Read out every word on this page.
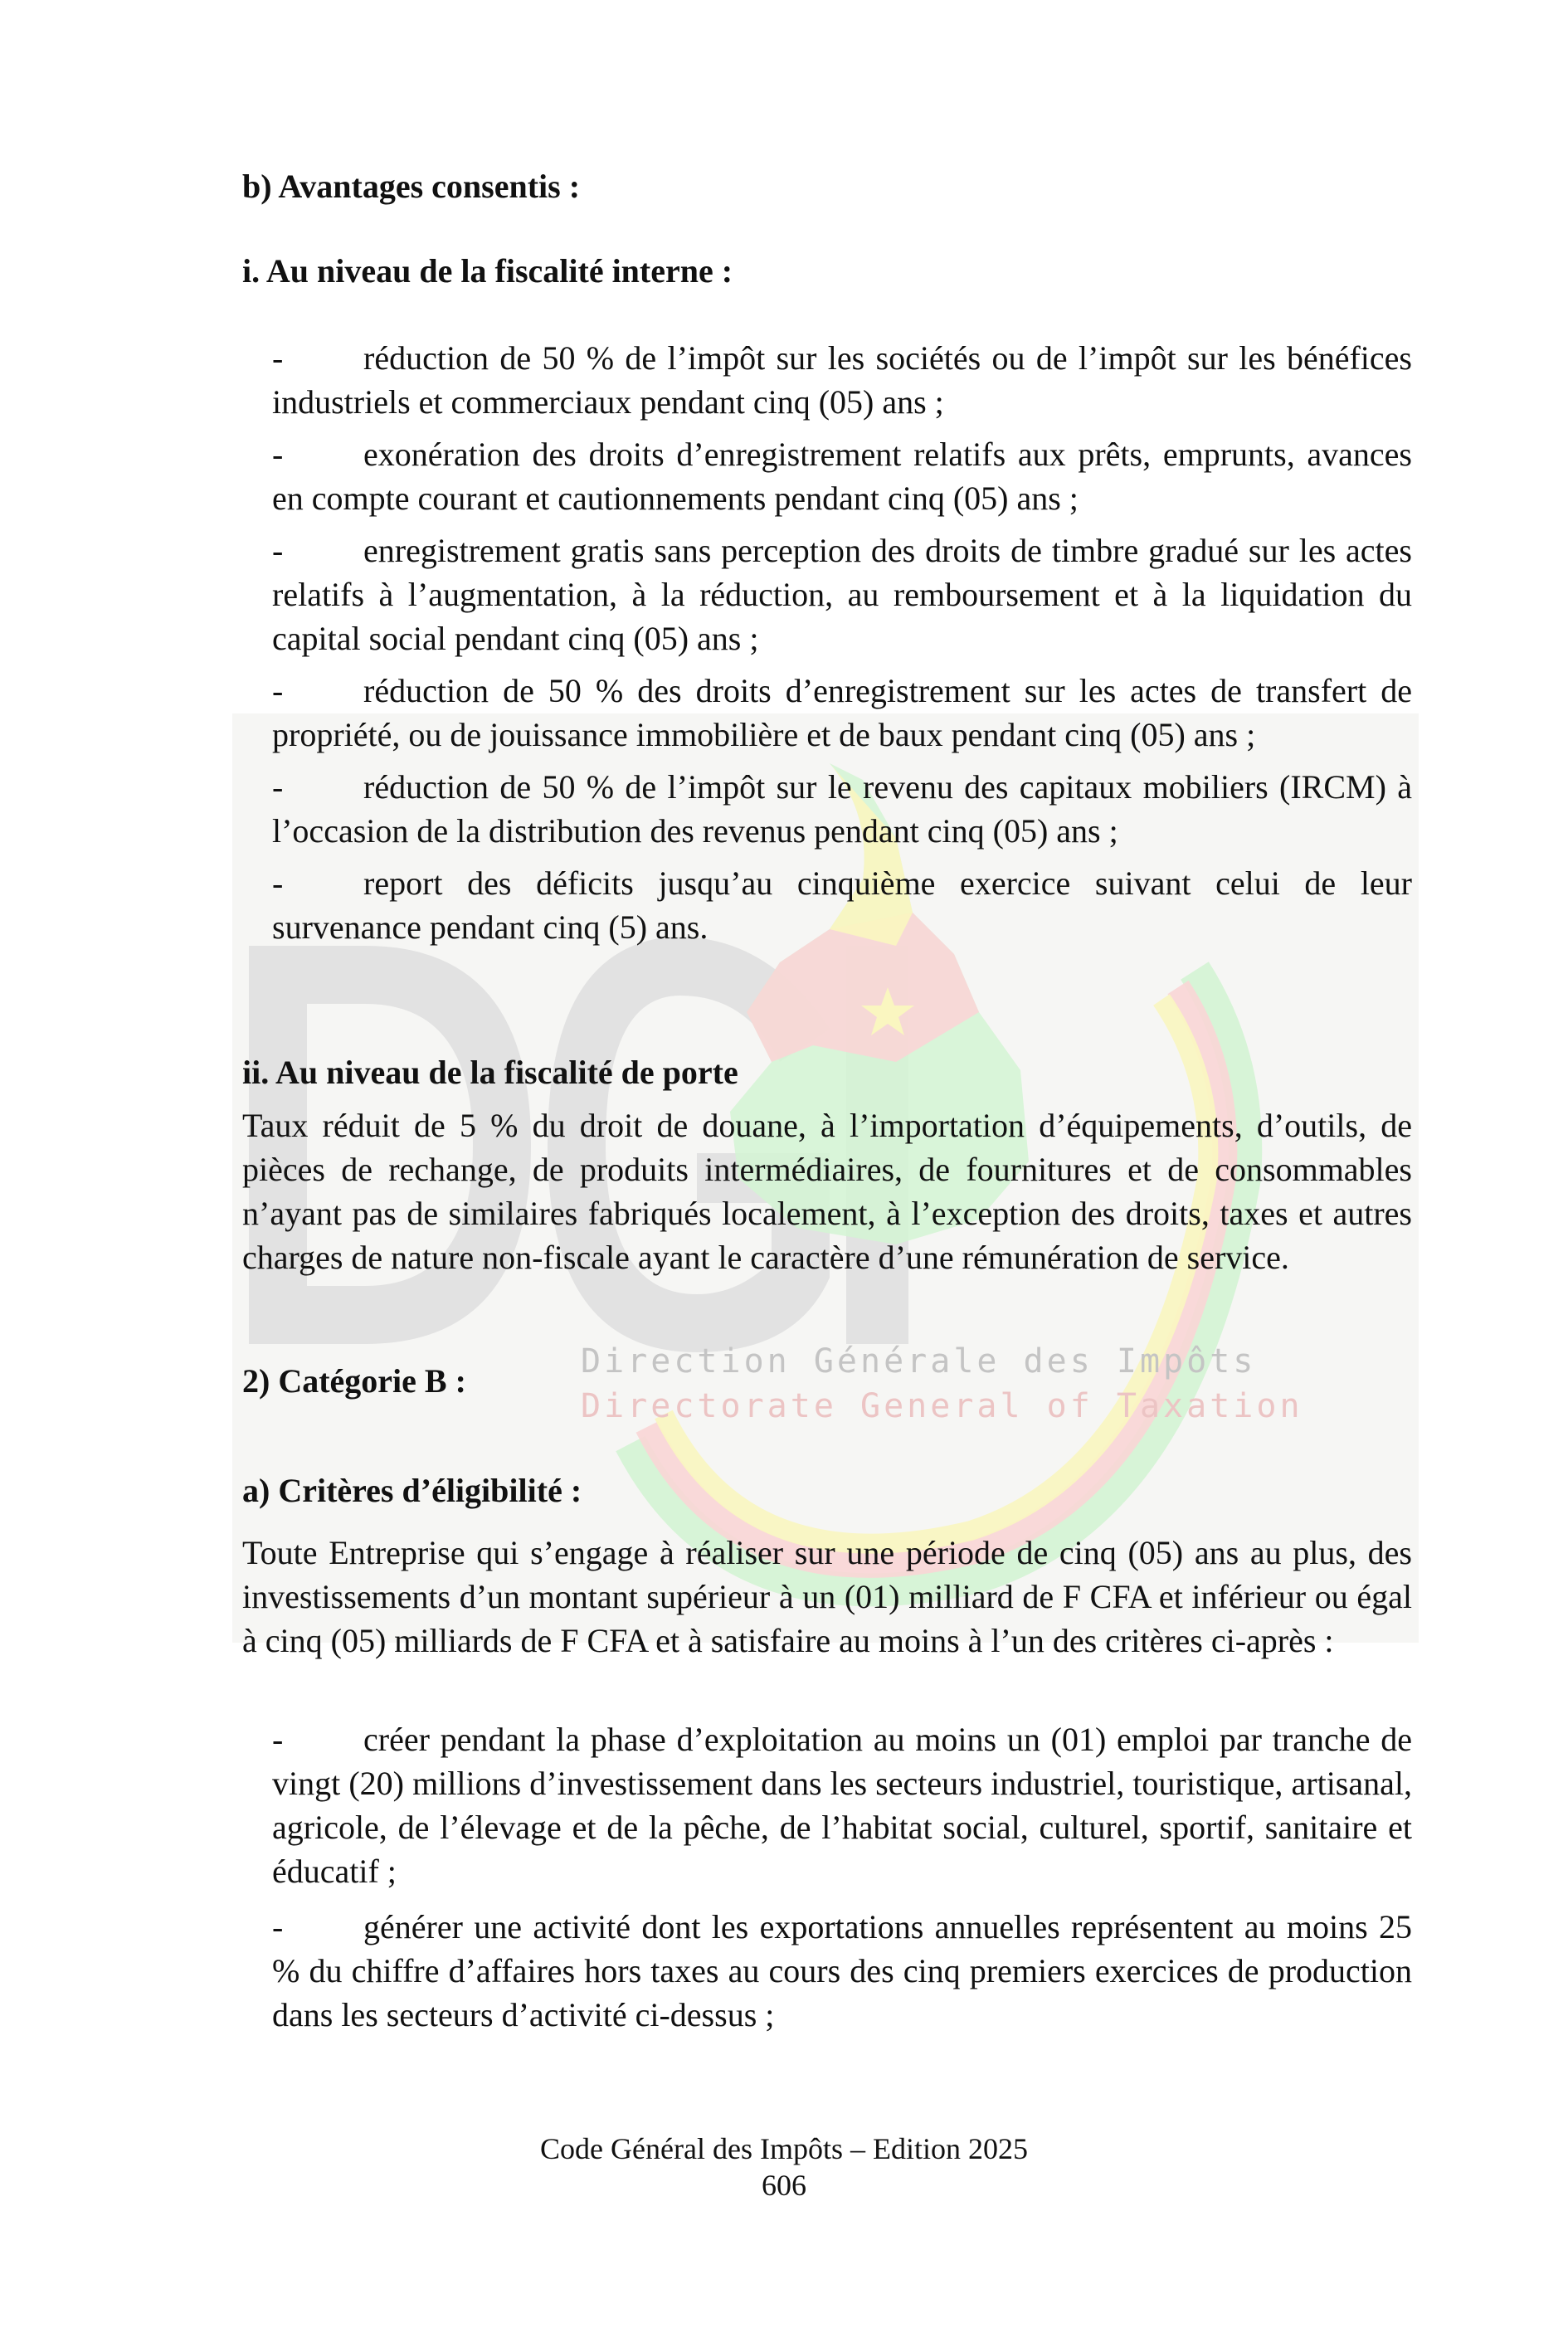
Direction Générale des Impôts
Directorate General of Taxation
b) Avantages consentis :
i. Au niveau de la fiscalité interne :

- réduction de 50 % de l’impôt sur les sociétés ou de l’impôt sur les bénéfices industriels et commerciaux pendant cinq (05) ans ;

- exonération des droits d’enregistrement relatifs aux prêts, emprunts, avances en compte courant et cautionnements pendant cinq (05) ans ;

- enregistrement gratis sans perception des droits de timbre gradué sur les actes relatifs à l’augmentation, à la réduction, au remboursement et à la liquidation du capital social pendant cinq (05) ans ;

- réduction de 50 % des droits d’enregistrement sur les actes de transfert de propriété, ou de jouissance immobilière et de baux pendant cinq (05) ans ;

- réduction de 50 % de l’impôt sur le revenu des capitaux mobiliers (IRCM) à l’occasion de la distribution des revenus pendant cinq (05) ans ;

- report des déficits jusqu’au cinquième exercice suivant celui de leur survenance pendant cinq (5) ans.

ii. Au niveau de la fiscalité de porte

Taux réduit de 5 % du droit de douane, à l’importation d’équipements, d’outils, de pièces de rechange, de produits intermédiaires, de fournitures et de consommables n’ayant pas de similaires fabriqués localement, à l’exception des droits, taxes et autres charges de nature non-fiscale ayant le caractère d’une rémunération de service.

2) Catégorie B :
a) Critères d’éligibilité :

Toute Entreprise qui s’engage à réaliser sur une période de cinq (05) ans au plus, des investissements d’un montant supérieur à un (01) milliard de F CFA et inférieur ou égal à cinq (05) milliards de F CFA et à satisfaire au moins à l’un des critères ci-après :

- créer pendant la phase d’exploitation au moins un (01) emploi par tranche de vingt (20) millions d’investissement dans les secteurs industriel, touristique, artisanal, agricole, de l’élevage et de la pêche, de l’habitat social, culturel, sportif, sanitaire et éducatif ;

- générer une activité dont les exportations annuelles représentent au moins 25 % du chiffre d’affaires hors taxes au cours des cinq premiers exercices de production dans les secteurs d’activité ci-dessus ;

Code Général des Impôts – Edition 2025
606
